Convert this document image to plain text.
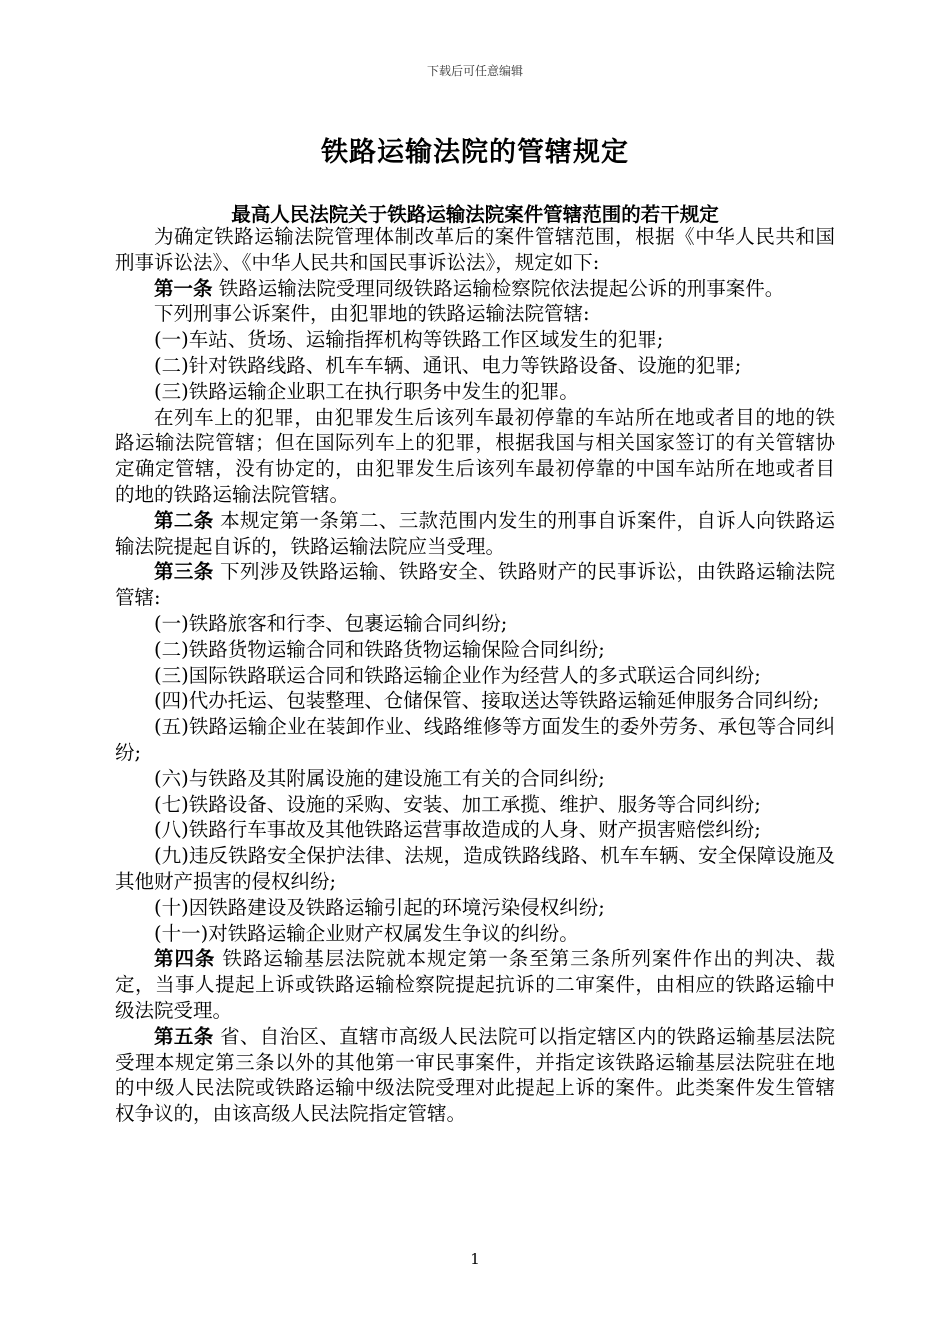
下载后可任意编辑
铁路运输法院的管辖规定
最高人民法院关于铁路运输法院案件管辖范围的若干规定

为确定铁路运输法院管理体制改革后的案件管辖范围，根据《中华人民共和国刑事诉讼法》、《中华人民共和国民事诉讼法》，规定如下:

第一条 铁路运输法院受理同级铁路运输检察院依法提起公诉的刑事案件。

下列刑事公诉案件，由犯罪地的铁路运输法院管辖:

(一)车站、货场、运输指挥机构等铁路工作区域发生的犯罪;

(二)针对铁路线路、机车车辆、通讯、电力等铁路设备、设施的犯罪;

(三)铁路运输企业职工在执行职务中发生的犯罪。

在列车上的犯罪，由犯罪发生后该列车最初停靠的车站所在地或者目的地的铁路运输法院管辖；但在国际列车上的犯罪，根据我国与相关国家签订的有关管辖协定确定管辖，没有协定的，由犯罪发生后该列车最初停靠的中国车站所在地或者目的地的铁路运输法院管辖。

第二条 本规定第一条第二、三款范围内发生的刑事自诉案件，自诉人向铁路运输法院提起自诉的，铁路运输法院应当受理。

第三条 下列涉及铁路运输、铁路安全、铁路财产的民事诉讼，由铁路运输法院管辖:

(一)铁路旅客和行李、包裹运输合同纠纷;

(二)铁路货物运输合同和铁路货物运输保险合同纠纷;

(三)国际铁路联运合同和铁路运输企业作为经营人的多式联运合同纠纷;

(四)代办托运、包装整理、仓储保管、接取送达等铁路运输延伸服务合同纠纷;

(五)铁路运输企业在装卸作业、线路维修等方面发生的委外劳务、承包等合同纠纷;

(六)与铁路及其附属设施的建设施工有关的合同纠纷;

(七)铁路设备、设施的采购、安装、加工承揽、维护、服务等合同纠纷;

(八)铁路行车事故及其他铁路运营事故造成的人身、财产损害赔偿纠纷;

(九)违反铁路安全保护法律、法规，造成铁路线路、机车车辆、安全保障设施及其他财产损害的侵权纠纷;

(十)因铁路建设及铁路运输引起的环境污染侵权纠纷;

(十一)对铁路运输企业财产权属发生争议的纠纷。

第四条 铁路运输基层法院就本规定第一条至第三条所列案件作出的判决、裁定，当事人提起上诉或铁路运输检察院提起抗诉的二审案件，由相应的铁路运输中级法院受理。

第五条 省、自治区、直辖市高级人民法院可以指定辖区内的铁路运输基层法院受理本规定第三条以外的其他第一审民事案件，并指定该铁路运输基层法院驻在地的中级人民法院或铁路运输中级法院受理对此提起上诉的案件。此类案件发生管辖权争议的，由该高级人民法院指定管辖。

1
